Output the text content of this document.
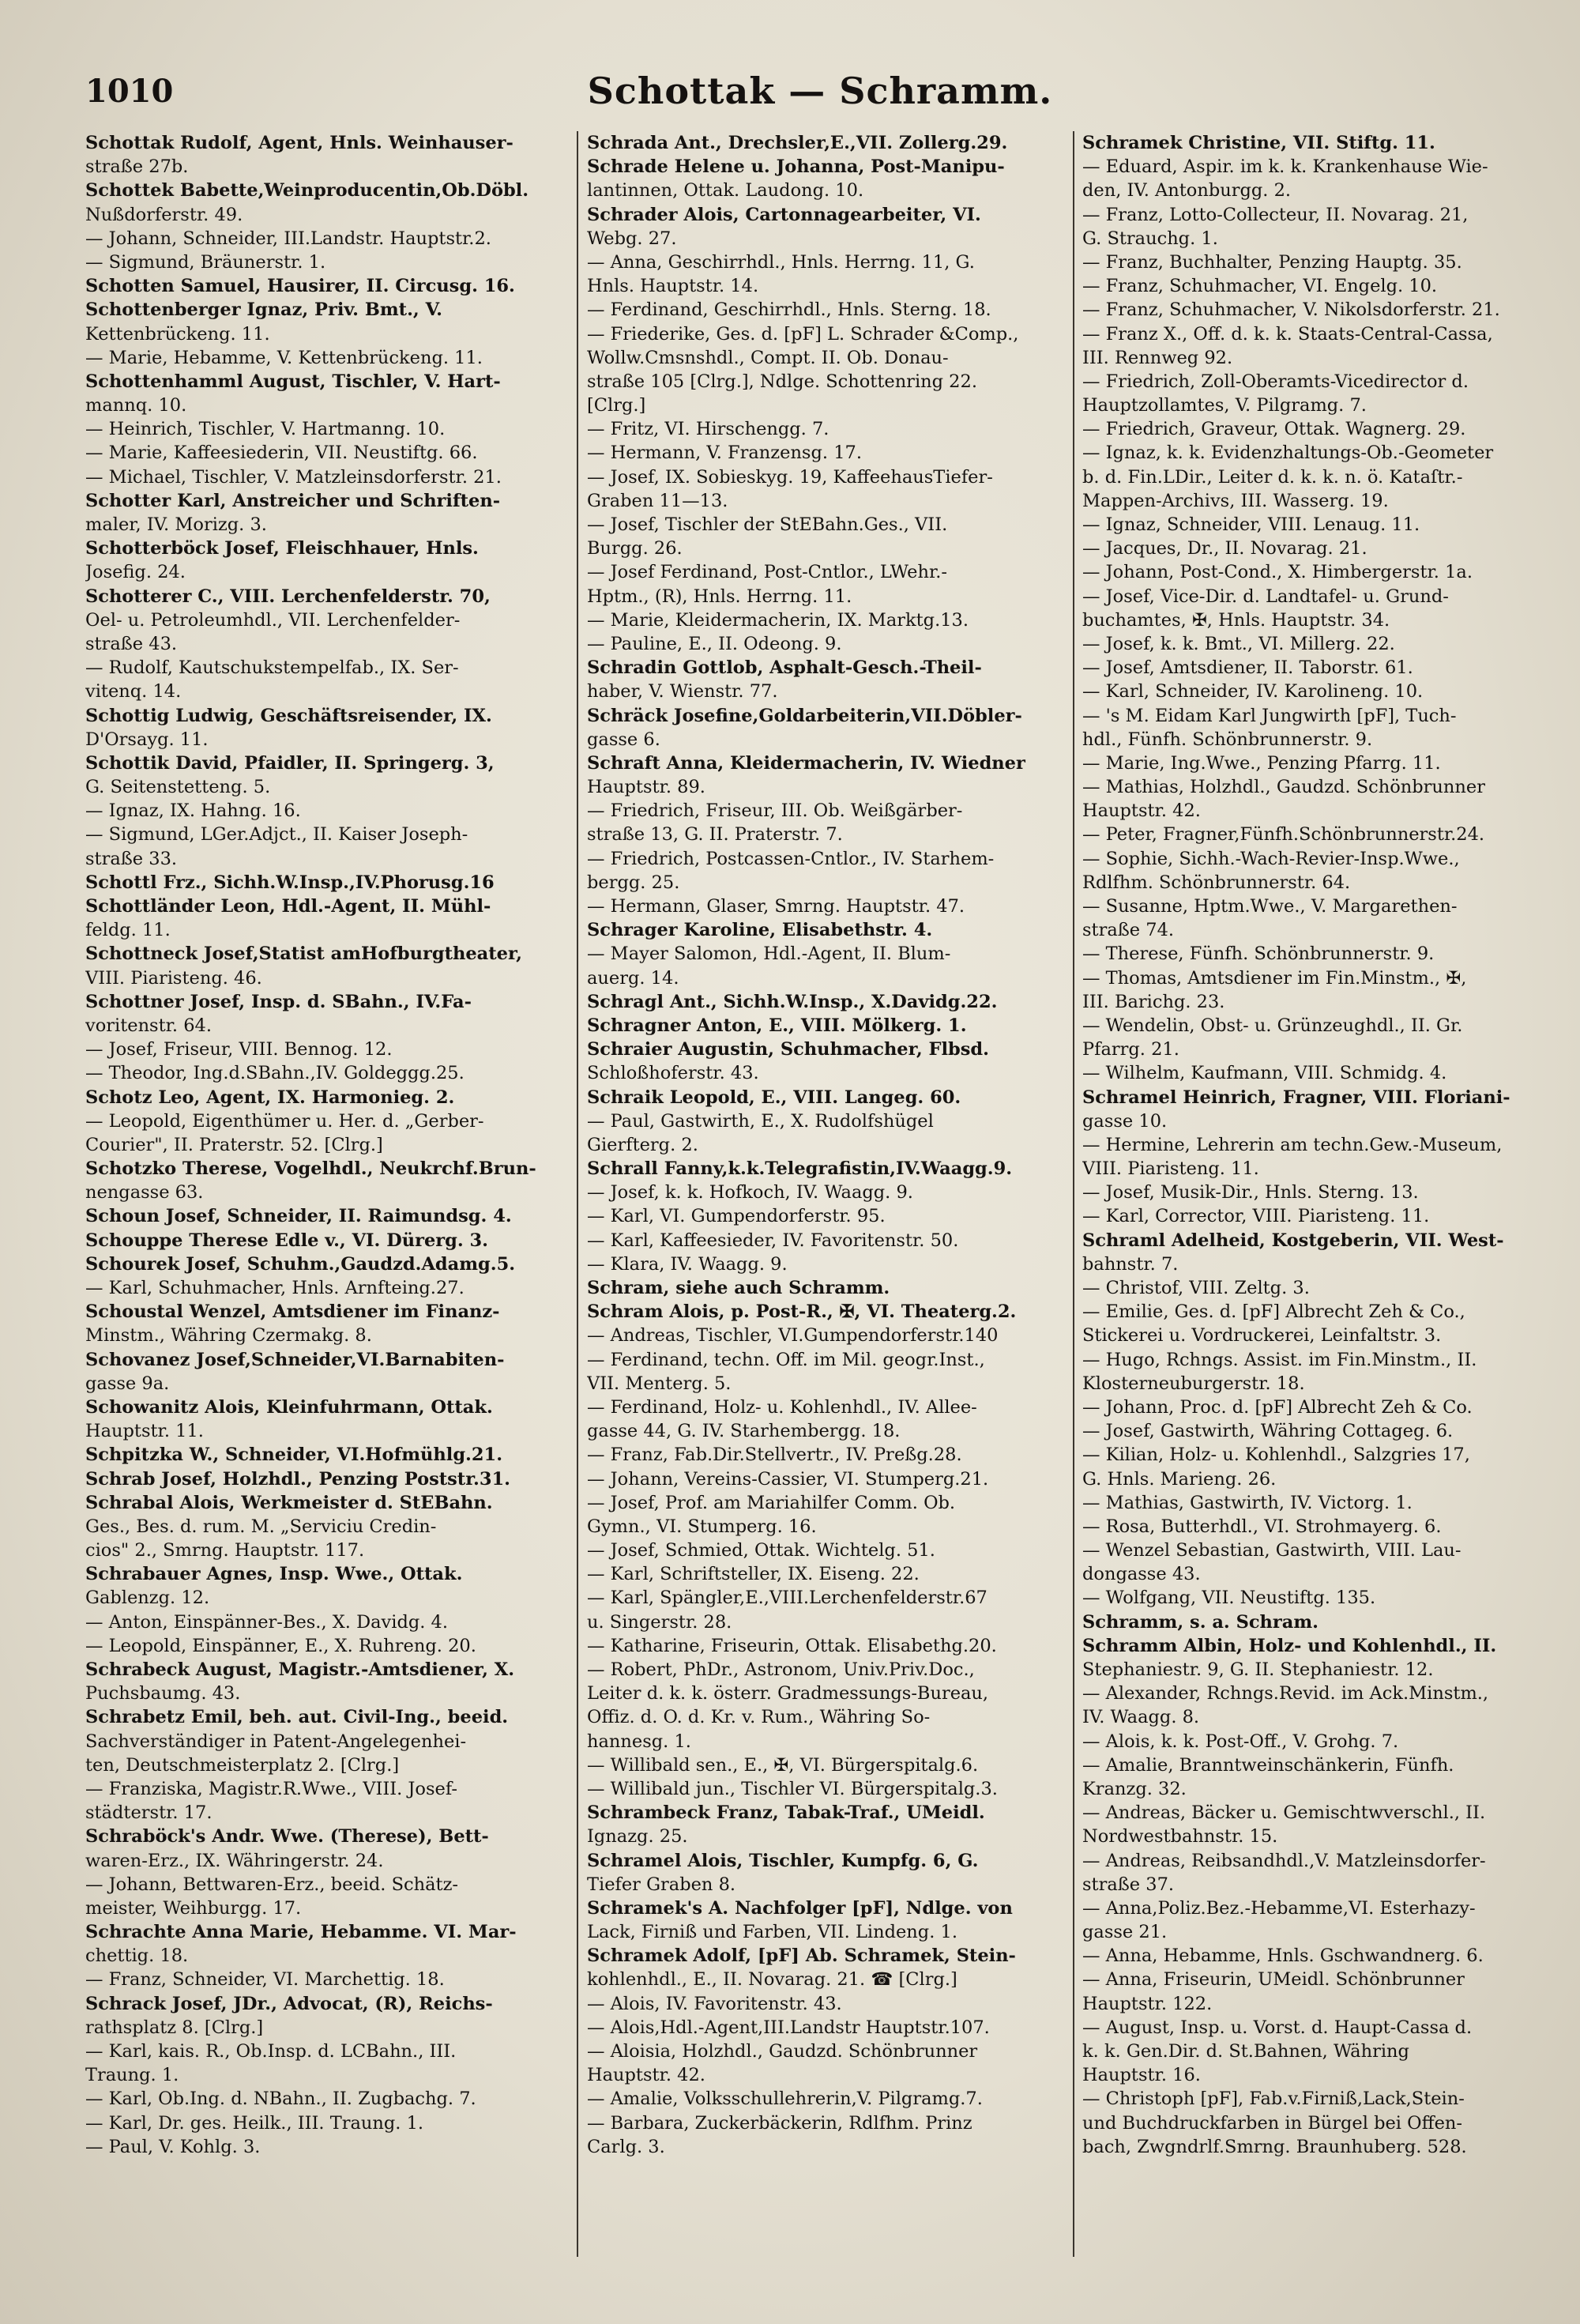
1010	Schottak — Schramm.
Schottak Rudolf, Agent, Hnls. Weinhauser-
straße 27b.
Schottek Babette,Weinproducentin,Ob.Döbl.
Nußdorferstr. 49.
— Johann, Schneider, III.Landstr. Hauptstr.2.
— Sigmund, Bräunerstr. 1.
Schotten Samuel, Hausirer, II. Circusg. 16.
Schottenberger Ignaz, Priv. Bmt., V.
Kettenbrückeng. 11.
— Marie, Hebamme, V. Kettenbrückeng. 11.
Schottenhamml August, Tischler, V. Hart-
mannq. 10.
— Heinrich, Tischler, V. Hartmanng. 10.
— Marie, Kaffeesiederin, VII. Neustiftg. 66.
— Michael, Tischler, V. Matzleinsdorferstr. 21.
Schotter Karl, Anstreicher und Schriften-
maler, IV. Morizg. 3.
Schotterböck Josef, Fleischhauer, Hnls.
Josefig. 24.
Schotterer C., VIII. Lerchenfelderstr. 70,
Oel- u. Petroleumhdl., VII. Lerchenfelder-
straße 43.
— Rudolf, Kautschukstempelfab., IX. Ser-
vitenq. 14.
Schottig Ludwig, Geschäftsreisender, IX.
D'Orsayg. 11.
Schottik David, Pfaidler, II. Springerg. 3,
G. Seitenstetteng. 5.
— Ignaz, IX. Hahng. 16.
— Sigmund, LGer.Adjct., II. Kaiser Joseph-
straße 33.
Schottl Frz., Sichh.W.Insp.,IV.Phorusg.16
Schottländer Leon, Hdl.-Agent, II. Mühl-
feldg. 11.
Schottneck Josef,Statist amHofburgtheater,
VIII. Piaristeng. 46.
Schottner Josef, Insp. d. SBahn., IV.Fa-
voritenstr. 64.
— Josef, Friseur, VIII. Bennog. 12.
— Theodor, Ing.d.SBahn.,IV. Goldeggg.25.
Schotz Leo, Agent, IX. Harmonieg. 2.
— Leopold, Eigenthümer u. Her. d. „Gerber-
Courier", II. Praterstr. 52. [Clrg.]
Schotzko Therese, Vogelhdl., Neukrchf.Brun-
nengasse 63.
Schoun Josef, Schneider, II. Raimundsg. 4.
Schouppe Therese Edle v., VI. Dürerg. 3.
Schourek Josef, Schuhm.,Gaudzd.Adamg.5.
— Karl, Schuhmacher, Hnls. Arnfteing.27.
Schoustal Wenzel, Amtsdiener im Finanz-
Minstm., Währing Czermakg. 8.
Schovanez Josef,Schneider,VI.Barnabiten-
gasse 9a.
Schowanitz Alois, Kleinfuhrmann, Ottak.
Hauptstr. 11.
Schpitzka W., Schneider, VI.Hofmühlg.21.
Schrab Josef, Holzhdl., Penzing Poststr.31.
Schrabal Alois, Werkmeister d. StEBahn.
Ges., Bes. d. rum. M. „Serviciu Credin-
cios" 2., Smrng. Hauptstr. 117.
Schrabauer Agnes, Insp. Wwe., Ottak.
Gablenzg. 12.
— Anton, Einspänner-Bes., X. Davidg. 4.
— Leopold, Einspänner, E., X. Ruhreng. 20.
Schrabeck August, Magistr.-Amtsdiener, X.
Puchsbaumg. 43.
Schrabetz Emil, beh. aut. Civil-Ing., beeid.
Sachverständiger in Patent-Angelegenhei-
ten, Deutschmeisterplatz 2. [Clrg.]
— Franziska, Magistr.R.Wwe., VIII. Josef-
städterstr. 17.
Schraböck's Andr. Wwe. (Therese), Bett-
waren-Erz., IX. Währingerstr. 24.
— Johann, Bettwaren-Erz., beeid. Schätz-
meister, Weihburgg. 17.
Schrachte Anna Marie, Hebamme. VI. Mar-
chettig. 18.
— Franz, Schneider, VI. Marchettig. 18.
Schrack Josef, JDr., Advocat, (R), Reichs-
rathsplatz 8. [Clrg.]
— Karl, kais. R., Ob.Insp. d. LCBahn., III.
Traung. 1.
— Karl, Ob.Ing. d. NBahn., II. Zugbachg. 7.
— Karl, Dr. ges. Heilk., III. Traung. 1.
— Paul, V. Kohlg. 3.
Schrada Ant., Drechsler,E.,VII. Zollerg.29.
Schrade Helene u. Johanna, Post-Manipu-
lantinnen, Ottak. Laudong. 10.
Schrader Alois, Cartonnagearbeiter, VI.
Webg. 27.
— Anna, Geschirrhdl., Hnls. Herrng. 11, G.
Hnls. Hauptstr. 14.
— Ferdinand, Geschirrhdl., Hnls. Sterng. 18.
— Friederike, Ges. d. [pF] L. Schrader &Comp.,
Wollw.Cmsnshdl., Compt. II. Ob. Donau-
straße 105 [Clrg.], Ndlge. Schottenring 22.
[Clrg.]
— Fritz, VI. Hirschengg. 7.
— Hermann, V. Franzensg. 17.
— Josef, IX. Sobieskyg. 19, KaffeehausTiefer-
Graben 11—13.
— Josef, Tischler der StEBahn.Ges., VII.
Burgg. 26.
— Josef Ferdinand, Post-Cntlor., LWehr.-
Hptm., (R), Hnls. Herrng. 11.
— Marie, Kleidermacherin, IX. Marktg.13.
— Pauline, E., II. Odeong. 9.
Schradin Gottlob, Asphalt-Gesch.-Theil-
haber, V. Wienstr. 77.
Schräck Josefine,Goldarbeiterin,VII.Döbler-
gasse 6.
Schraft Anna, Kleidermacherin, IV. Wiedner
Hauptstr. 89.
— Friedrich, Friseur, III. Ob. Weißgärber-
straße 13, G. II. Praterstr. 7.
— Friedrich, Postcassen-Cntlor., IV. Starhem-
bergg. 25.
— Hermann, Glaser, Smrng. Hauptstr. 47.
Schrager Karoline, Elisabethstr. 4.
— Mayer Salomon, Hdl.-Agent, II. Blum-
auerg. 14.
Schragl Ant., Sichh.W.Insp., X.Davidg.22.
Schragner Anton, E., VIII. Mölkerg. 1.
Schraier Augustin, Schuhmacher, Flbsd.
Schloßhoferstr. 43.
Schraik Leopold, E., VIII. Langeg. 60.
— Paul, Gastwirth, E., X. Rudolfshügel
Gierfterg. 2.
Schrall Fanny,k.k.Telegrafistin,IV.Waagg.9.
— Josef, k. k. Hofkoch, IV. Waagg. 9.
— Karl, VI. Gumpendorferstr. 95.
— Karl, Kaffeesieder, IV. Favoritenstr. 50.
— Klara, IV. Waagg. 9.
Schram, siehe auch Schramm.
Schram Alois, p. Post-R., ✠, VI. Theaterg.2.
— Andreas, Tischler, VI.Gumpendorferstr.140
— Ferdinand, techn. Off. im Mil. geogr.Inst.,
VII. Menterg. 5.
— Ferdinand, Holz- u. Kohlenhdl., IV. Allee-
gasse 44, G. IV. Starhembergg. 18.
— Franz, Fab.Dir.Stellvertr., IV. Preßg.28.
— Johann, Vereins-Cassier, VI. Stumperg.21.
— Josef, Prof. am Mariahilfer Comm. Ob.
Gymn., VI. Stumperg. 16.
— Josef, Schmied, Ottak. Wichtelg. 51.
— Karl, Schriftsteller, IX. Eiseng. 22.
— Karl, Spängler,E.,VIII.Lerchenfelderstr.67
u. Singerstr. 28.
— Katharine, Friseurin, Ottak. Elisabethg.20.
— Robert, PhDr., Astronom, Univ.Priv.Doc.,
Leiter d. k. k. österr. Gradmessungs-Bureau,
Offiz. d. O. d. Kr. v. Rum., Währing So-
hannesg. 1.
— Willibald sen., E., ✠, VI. Bürgerspitalg.6.
— Willibald jun., Tischler VI. Bürgerspitalg.3.
Schrambeck Franz, Tabak-Traf., UMeidl.
Ignazg. 25.
Schramel Alois, Tischler, Kumpfg. 6, G.
Tiefer Graben 8.
Schramek's A. Nachfolger [pF], Ndlge. von
Lack, Firniß und Farben, VII. Lindeng. 1.
Schramek Adolf, [pF] Ab. Schramek, Stein-
kohlenhdl., E., II. Novarag. 21. ☎ [Clrg.]
— Alois, IV. Favoritenstr. 43.
— Alois,Hdl.-Agent,III.Landstr Hauptstr.107.
— Aloisia, Holzhdl., Gaudzd. Schönbrunner
Hauptstr. 42.
— Amalie, Volksschullehrerin,V. Pilgramg.7.
— Barbara, Zuckerbäckerin, Rdlfhm. Prinz
Carlg. 3.
Schramek Christine, VII. Stiftg. 11.
— Eduard, Aspir. im k. k. Krankenhause Wie-
den, IV. Antonburgg. 2.
— Franz, Lotto-Collecteur, II. Novarag. 21,
G. Strauchg. 1.
— Franz, Buchhalter, Penzing Hauptg. 35.
— Franz, Schuhmacher, VI. Engelg. 10.
— Franz, Schuhmacher, V. Nikolsdorferstr. 21.
— Franz X., Off. d. k. k. Staats-Central-Cassa,
III. Rennweg 92.
— Friedrich, Zoll-Oberamts-Vicedirector d.
Hauptzollamtes, V. Pilgramg. 7.
— Friedrich, Graveur, Ottak. Wagnerg. 29.
— Ignaz, k. k. Evidenzhaltungs-Ob.-Geometer
b. d. Fin.LDir., Leiter d. k. k. n. ö. Kataſtr.-
Mappen-Archivs, III. Wasserg. 19.
— Ignaz, Schneider, VIII. Lenaug. 11.
— Jacques, Dr., II. Novarag. 21.
— Johann, Post-Cond., X. Himbergerstr. 1a.
— Josef, Vice-Dir. d. Landtafel- u. Grund-
buchamtes, ✠, Hnls. Hauptstr. 34.
— Josef, k. k. Bmt., VI. Millerg. 22.
— Josef, Amtsdiener, II. Taborstr. 61.
— Karl, Schneider, IV. Karolineng. 10.
— 's M. Eidam Karl Jungwirth [pF], Tuch-
hdl., Fünfh. Schönbrunnerstr. 9.
— Marie, Ing.Wwe., Penzing Pfarrg. 11.
— Mathias, Holzhdl., Gaudzd. Schönbrunner
Hauptstr. 42.
— Peter, Fragner,Fünfh.Schönbrunnerstr.24.
— Sophie, Sichh.-Wach-Revier-Insp.Wwe.,
Rdlfhm. Schönbrunnerstr. 64.
— Susanne, Hptm.Wwe., V. Margarethen-
straße 74.
— Therese, Fünfh. Schönbrunnerstr. 9.
— Thomas, Amtsdiener im Fin.Minstm., ✠,
III. Barichg. 23.
— Wendelin, Obst- u. Grünzeughdl., II. Gr.
Pfarrg. 21.
— Wilhelm, Kaufmann, VIII. Schmidg. 4.
Schramel Heinrich, Fragner, VIII. Floriani-
gasse 10.
— Hermine, Lehrerin am techn.Gew.-Museum,
VIII. Piaristeng. 11.
— Josef, Musik-Dir., Hnls. Sterng. 13.
— Karl, Corrector, VIII. Piaristeng. 11.
Schraml Adelheid, Kostgeberin, VII. West-
bahnstr. 7.
— Christof, VIII. Zeltg. 3.
— Emilie, Ges. d. [pF] Albrecht Zeh & Co.,
Stickerei u. Vordruckerei, Leinfaltstr. 3.
— Hugo, Rchngs. Assist. im Fin.Minstm., II.
Klosterneuburgerstr. 18.
— Johann, Proc. d. [pF] Albrecht Zeh & Co.
— Josef, Gastwirth, Währing Cottageg. 6.
— Kilian, Holz- u. Kohlenhdl., Salzgries 17,
G. Hnls. Marieng. 26.
— Mathias, Gastwirth, IV. Victorg. 1.
— Rosa, Butterhdl., VI. Strohmayerg. 6.
— Wenzel Sebastian, Gastwirth, VIII. Lau-
dongasse 43.
— Wolfgang, VII. Neustiftg. 135.
Schramm, s. a. Schram.
Schramm Albin, Holz- und Kohlenhdl., II.
Stephaniestr. 9, G. II. Stephaniestr. 12.
— Alexander, Rchngs.Revid. im Ack.Minstm.,
IV. Waagg. 8.
— Alois, k. k. Post-Off., V. Grohg. 7.
— Amalie, Branntweinschänkerin, Fünfh.
Kranzg. 32.
— Andreas, Bäcker u. Gemischtwverschl., II.
Nordwestbahnstr. 15.
— Andreas, Reibsandhdl.,V. Matzleinsdorfer-
straße 37.
— Anna,Poliz.Bez.-Hebamme,VI. Esterhazy-
gasse 21.
— Anna, Hebamme, Hnls. Gschwandnerg. 6.
— Anna, Friseurin, UMeidl. Schönbrunner
Hauptstr. 122.
— August, Insp. u. Vorst. d. Haupt-Cassa d.
k. k. Gen.Dir. d. St.Bahnen, Währing
Hauptstr. 16.
— Christoph [pF], Fab.v.Firniß,Lack,Stein-
und Buchdruckfarben in Bürgel bei Offen-
bach, Zwgndrlf.Smrng. Braunhuberg. 528.
